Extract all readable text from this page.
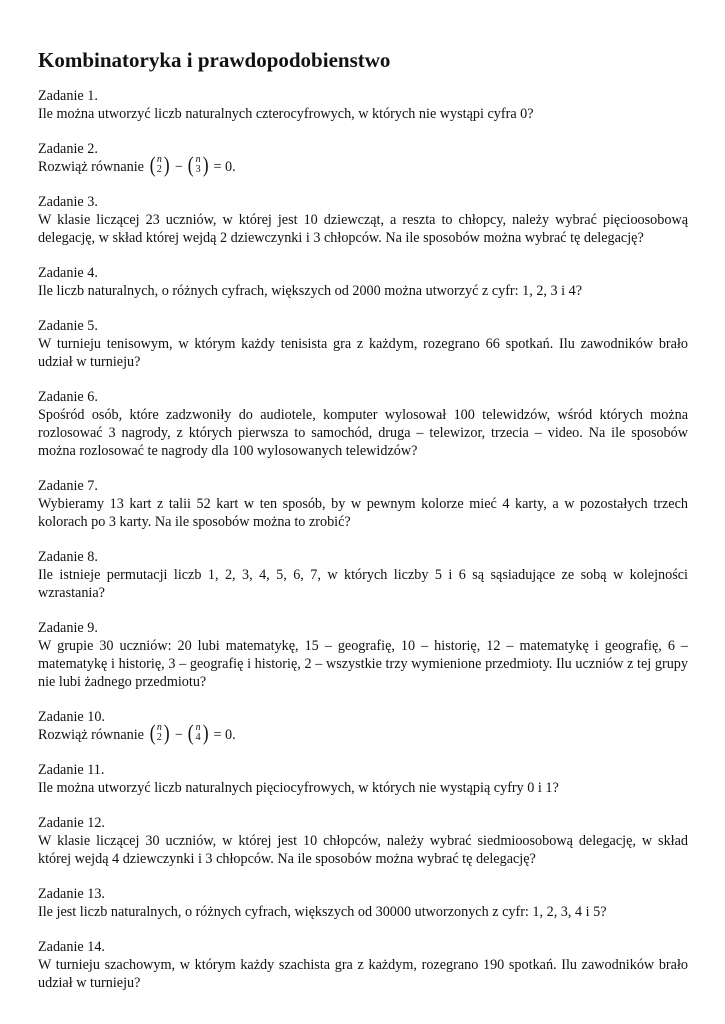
Kombinatoryka i prawdopodobienstwo
Zadanie 1.
Ile można utworzyć liczb naturalnych czterocyfrowych, w których nie wystąpi cyfra 0?
Zadanie 2.
Rozwiąż równanie ( n
2 ) − ( n
3 ) = 0.
Zadanie 3.
W klasie liczącej 23 uczniów, w której jest 10 dziewcząt, a reszta to chłopcy, należy wybrać pięcioosobową delegację, w skład której wejdą 2 dziewczynki i 3 chłopców. Na ile sposobów można wybrać tę delegację?
Zadanie 4.
Ile liczb naturalnych, o różnych cyfrach, większych od 2000 można utworzyć z cyfr: 1, 2, 3 i 4?
Zadanie 5.
W turnieju tenisowym, w którym każdy tenisista gra z każdym, rozegrano 66 spotkań. Ilu zawodników brało udział w turnieju?
Zadanie 6.
Spośród osób, które zadzwoniły do audiotele, komputer wylosował 100 telewidzów, wśród których można rozlosować 3 nagrody, z których pierwsza to samochód, druga – telewizor, trzecia – video. Na ile sposobów można rozlosować te nagrody dla 100 wylosowanych telewidzów?
Zadanie 7.
Wybieramy 13 kart z talii 52 kart w ten sposób, by w pewnym kolorze mieć 4 karty, a w pozostałych trzech kolorach po 3 karty. Na ile sposobów można to zrobić?
Zadanie 8.
Ile istnieje permutacji liczb 1, 2, 3, 4, 5, 6, 7, w których liczby 5 i 6 są sąsiadujące ze sobą w kolejności wzrastania?
Zadanie 9.
W grupie 30 uczniów: 20 lubi matematykę, 15 – geografię, 10 – historię, 12 – matematykę i geografię, 6 – matematykę i historię, 3 – geografię i historię, 2 – wszystkie trzy wymienione przedmioty. Ilu uczniów z tej grupy nie lubi żadnego przedmiotu?
Zadanie 10.
Rozwiąż równanie ( n
2 ) − ( n
4 ) = 0.
Zadanie 11.
Ile można utworzyć liczb naturalnych pięciocyfrowych, w których nie wystąpią cyfry 0 i 1?
Zadanie 12.
W klasie liczącej 30 uczniów, w której jest 10 chłopców, należy wybrać siedmioosobową delegację, w skład której wejdą 4 dziewczynki i 3 chłopców. Na ile sposobów można wybrać tę delegację?
Zadanie 13.
Ile jest liczb naturalnych, o różnych cyfrach, większych od 30000 utworzonych z cyfr: 1, 2, 3, 4 i 5?
Zadanie 14.
W turnieju szachowym, w którym każdy szachista gra z każdym, rozegrano 190 spotkań. Ilu zawodników brało udział w turnieju?
